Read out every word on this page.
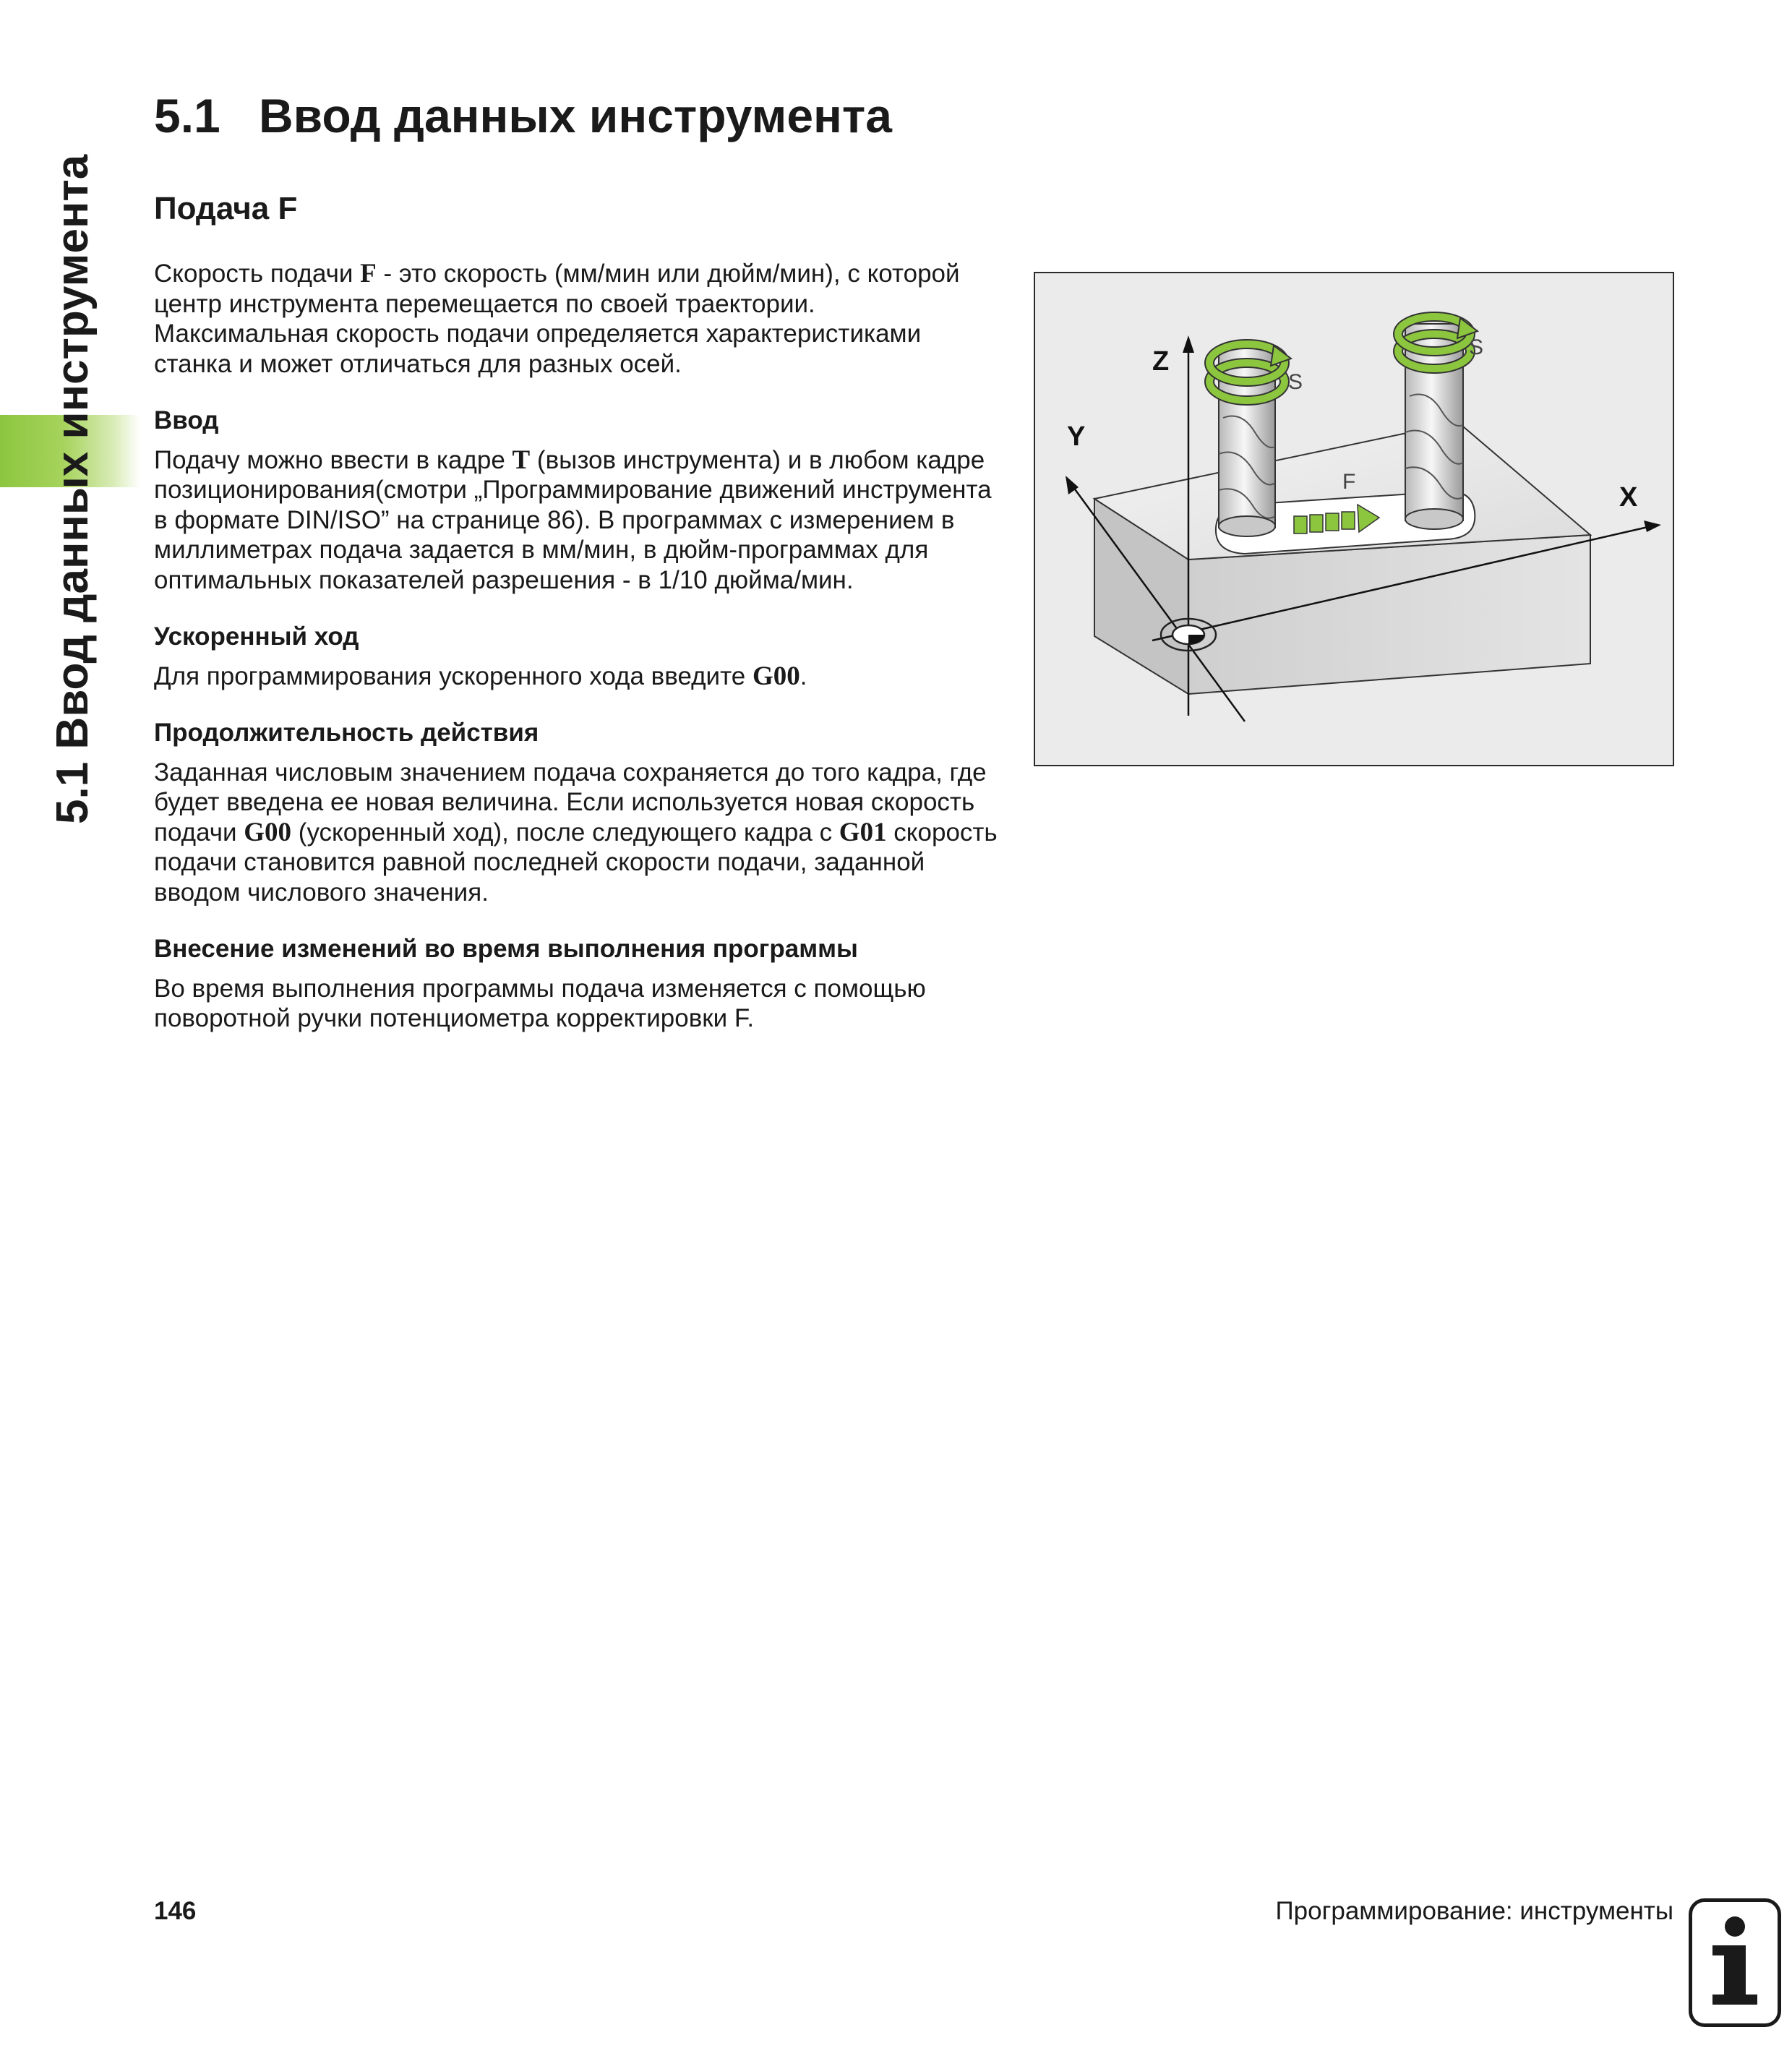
5.1 Ввод данных инструмента
5.1 Ввод данных инструмента
Подача F

Скорость подачи F - это скорость (мм/мин или дюйм/мин), с которой центр инструмента перемещается по своей траектории. Максимальная скорость подачи определяется характеристиками станка и может отличаться для разных осей.

Ввод

Подачу можно ввести в кадре T (вызов инструмента) и в любом кадре позиционирования(смотри „Программирование движений инструмента в формате DIN/ISO” на странице 86). В программах с измерением в миллиметрах подача задается в мм/мин, в дюйм-программах для оптимальных показателей разрешения - в 1/10 дюйма/мин.

Ускоренный ход

Для программирования ускоренного хода введите G00.

Продолжительность действия

Заданная числовым значением подача сохраняется до того кадра, где будет введена ее новая величина. Если используется новая скорость подачи G00 (ускоренный ход), после следующего кадра с G01 скорость подачи становится равной последней скорости подачи, заданной вводом числового значения.

Внесение изменений во время выполнения программы

Во время выполнения программы подача изменяется с помощью поворотной ручки потенциометра корректировки F.

F
Z
Y
X
S
S
146	Программирование: инструменты
i
